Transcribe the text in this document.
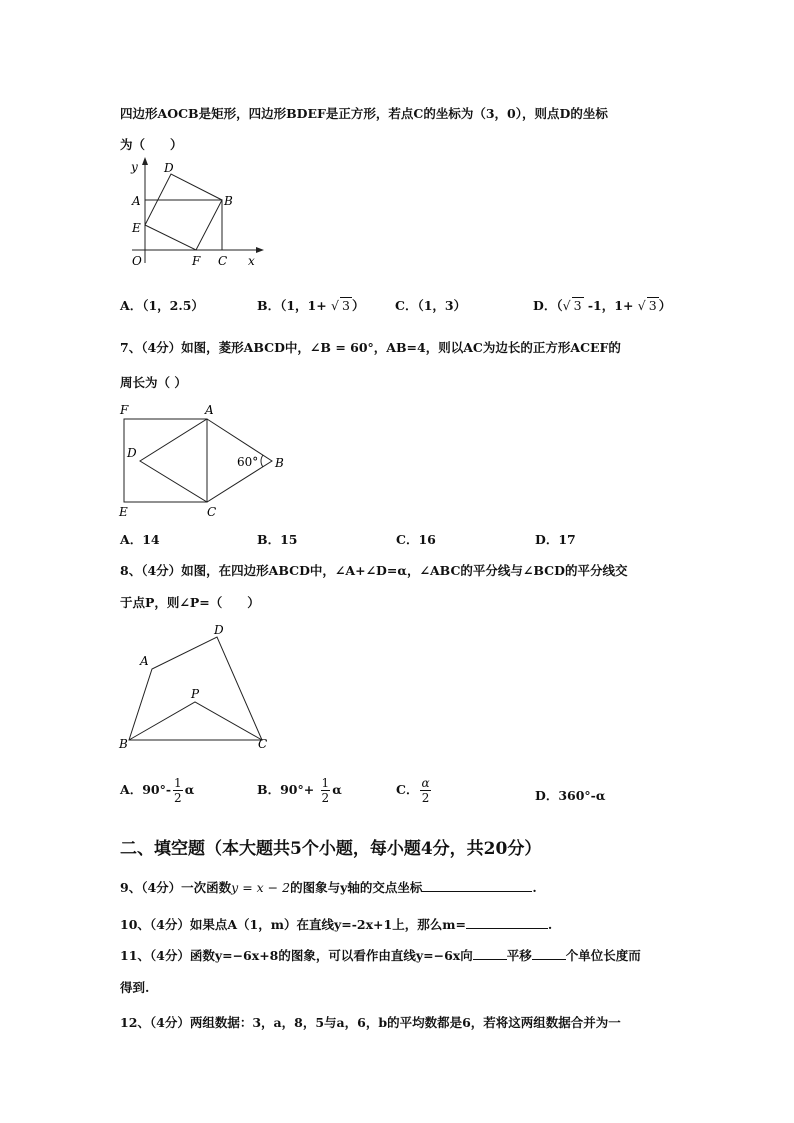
四边形AOCB是矩形，四边形BDEF是正方形，若点C的坐标为（3，0），则点D的坐标
为（　　）
y
x
D
A	B
E
O	F C
A．（1，2.5）	B．（1，1+ √ 3 ） C．（1，3）	D．（√ 3 -1，1+ √ 3 ）
7、（4分）如图，菱形ABCD中，∠B = 60°，AB=4，则以AC为边长的正方形ACEF的
周长为（ ）
F	A
D
60° B
E	C
A．14	B．15	C．16	D．17
8、（4分）如图，在四边形ABCD中，∠A+∠D=α，∠ABC的平分线与∠BCD的平分线交
于点P，则∠P=（　　）
A
D
P
B	C
A．$90^\circ- \frac{1}{2}$ α	B．$90^\circ+ \frac{1}{2}$ α	C． $\frac{\alpha}{2}$	D．360°-α
二、填空题（本大题共5个小题，每小题4分，共20分）
9、（4分）一次函数y = x − 2的图象与y轴的交点坐标	.
10、（4分）如果点A（1，m）在直线y=-2x+1上，那么m=	.
11、（4分）函数y=−6x+8的图象，可以看作由直线y=−6x向	平移	个单位长度而
得到.
12、（4分）两组数据：3，a，8，5与a，6，b的平均数都是6，若将这两组数据合并为一
